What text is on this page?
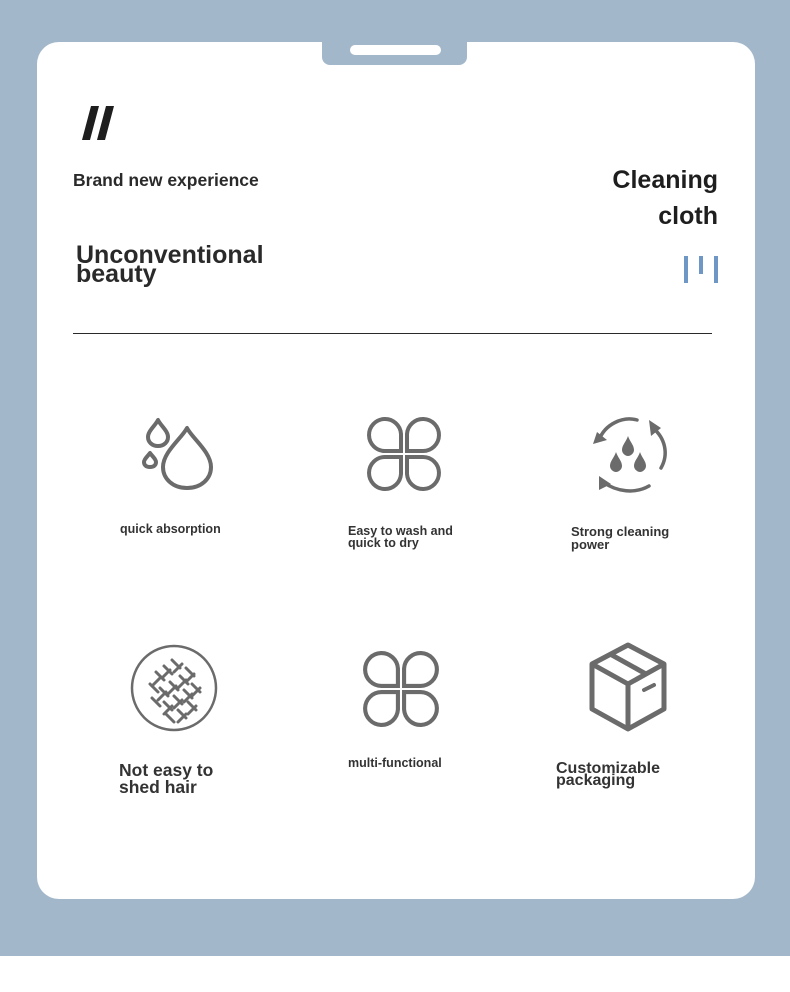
Brand new experience
Unconventional
beauty
Cleaning
cloth
quick absorption	Easy to wash and
quick to dry
Strong cleaning
power
Not easy to
shed hair
multi-functional	Customizable
packaging
